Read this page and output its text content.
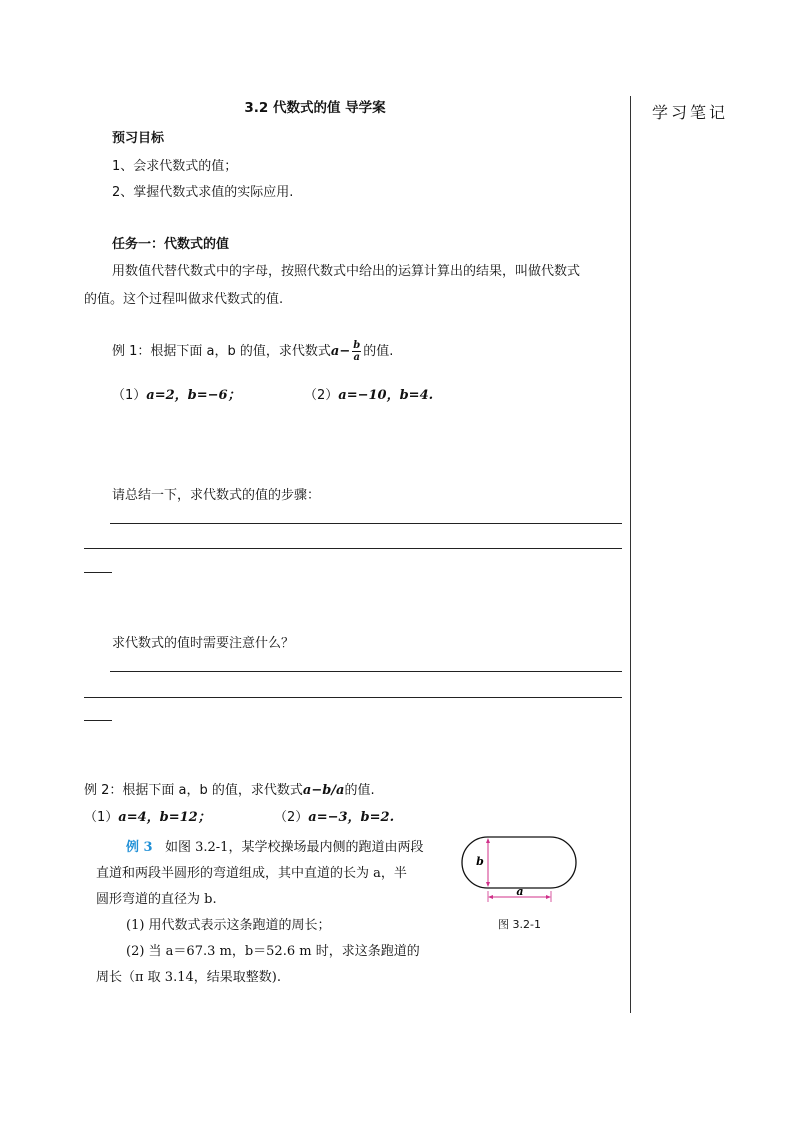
学习笔记
3.2 代数式的值 导学案
预习目标
1、会求代数式的值；
2、掌握代数式求值的实际应用.
任务一：代数式的值
用数值代替代数式中的字母，按照代数式中给出的运算计算出的结果，叫做代数式
的值。这个过程叫做求代数式的值.
例 1：根据下面 a，b 的值，求代数式$a- \frac{b}{a}$ 的值.
（1）a=2，b=−6；	（2）a=−10，b=4.
请总结一下，求代数式的值的步骤：
求代数式的值时需要注意什么？
例 2：根据下面 a，b 的值，求代数式a−b/a的值.
（1）a=4，b=12；	（2）a=−3，b=2.
例 3 如图 3.2-1，某学校操场最内侧的跑道由两段
直道和两段半圆形的弯道组成，其中直道的长为 a，半
圆形弯道的直径为 b.
(1) 用代数式表示这条跑道的周长；
(2) 当 a＝67.3 m，b＝52.6 m 时，求这条跑道的
周长（π 取 3.14，结果取整数).
b
a
图 3.2-1
